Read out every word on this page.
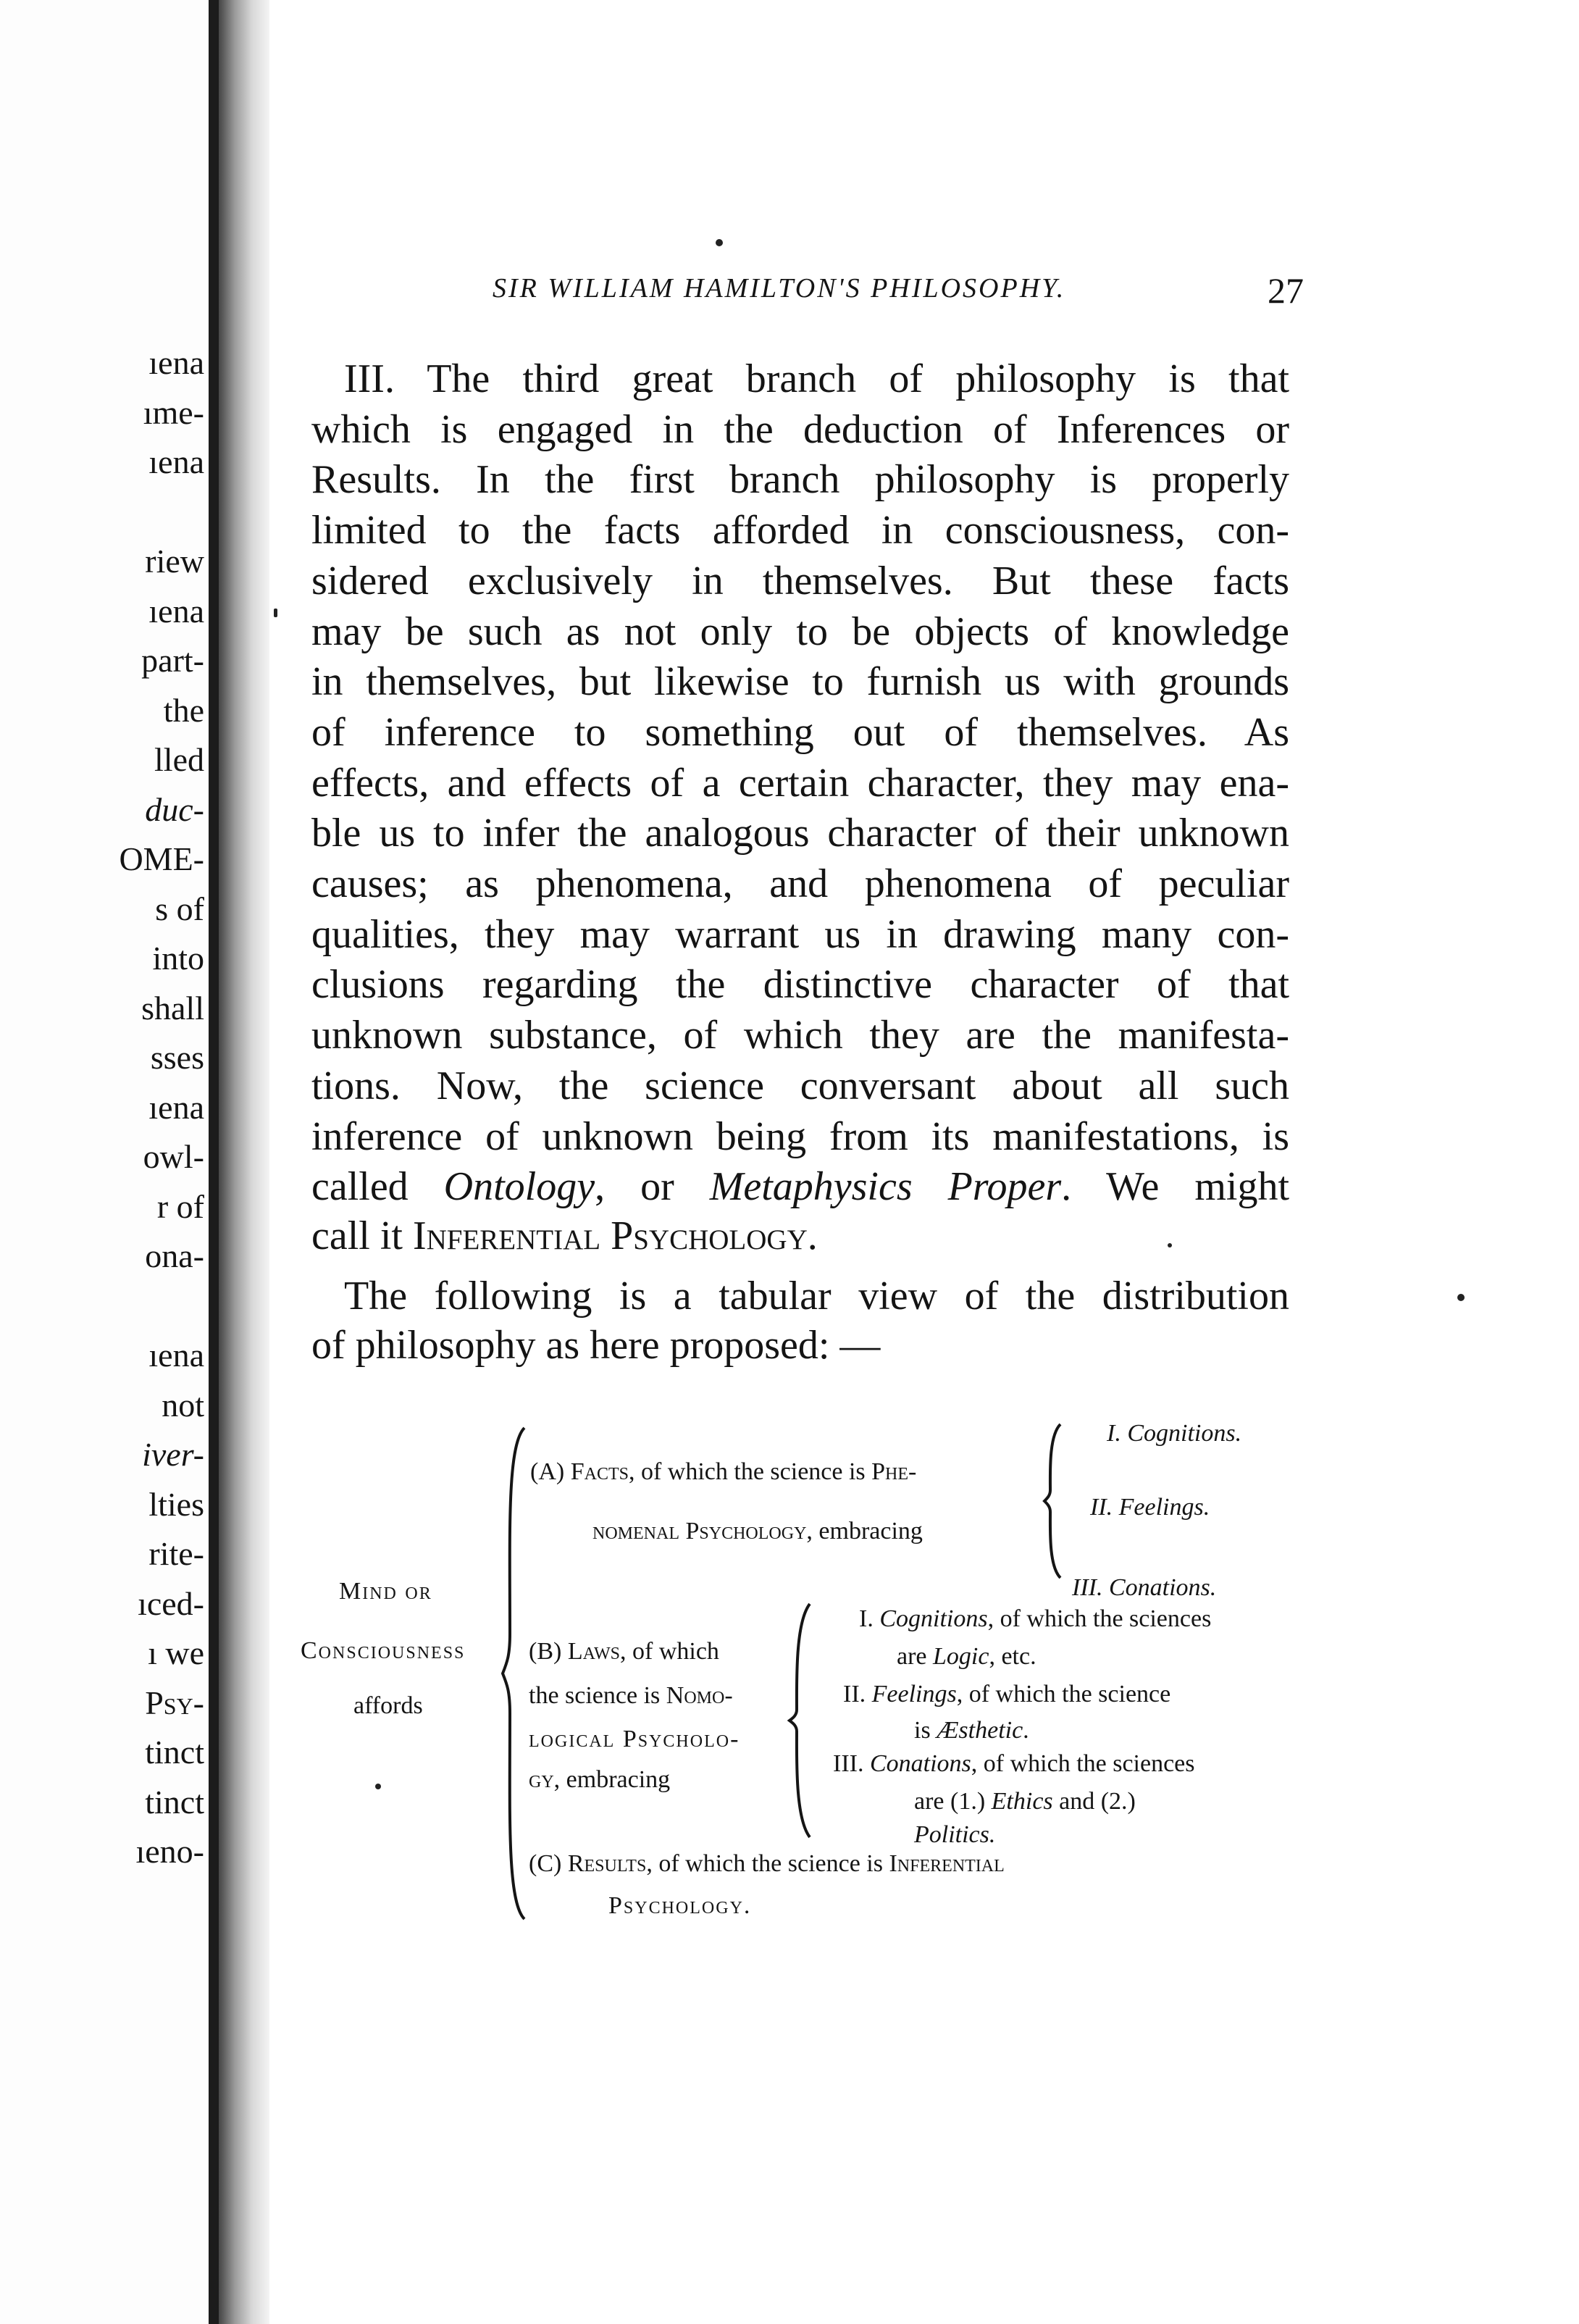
ıena
ıme-
ıena
riew
ıena
part-
the
lled
duc-
OME-
s of
into
shall
sses
ıena
owl-
r of
ona-
ıena
not
iver-
lties
rite-
ıced-
ı we
Psy-
tinct
tinct
ıeno-
SIR WILLIAM HAMILTON'S PHILOSOPHY.	27
III. The third great branch of philosophy is that
which is engaged in the deduction of Inferences or
Results. In the first branch philosophy is properly
limited to the facts afforded in consciousness, con-
sidered exclusively in themselves. But these facts
may be such as not only to be objects of knowledge
in themselves, but likewise to furnish us with grounds
of inference to something out of themselves. As
effects, and effects of a certain character, they may ena-
ble us to infer the analogous character of their unknown
causes; as phenomena, and phenomena of peculiar
qualities, they may warrant us in drawing many con-
clusions regarding the distinctive character of that
unknown substance, of which they are the manifesta-
tions. Now, the science conversant about all such
inference of unknown being from its manifestations, is
called Ontology, or Metaphysics Proper. We might
call it Inferential Psychology.
The following is a tabular view of the distribution
of philosophy as here proposed: —
Mind or
Consciousness
affords
(A) Facts, of which the science is Phe-
nomenal Psychology, embracing
I. Cognitions.
II. Feelings.
III. Conations.
(B) Laws, of which
the science is Nomo-
logical Psycholo-
gy, embracing
I. Cognitions, of which the sciences
are Logic, etc.
II. Feelings, of which the science
is Æsthetic.
III. Conations, of which the sciences
are (1.) Ethics and (2.)
Politics.
(C) Results, of which the science is Inferential
Psychology.
